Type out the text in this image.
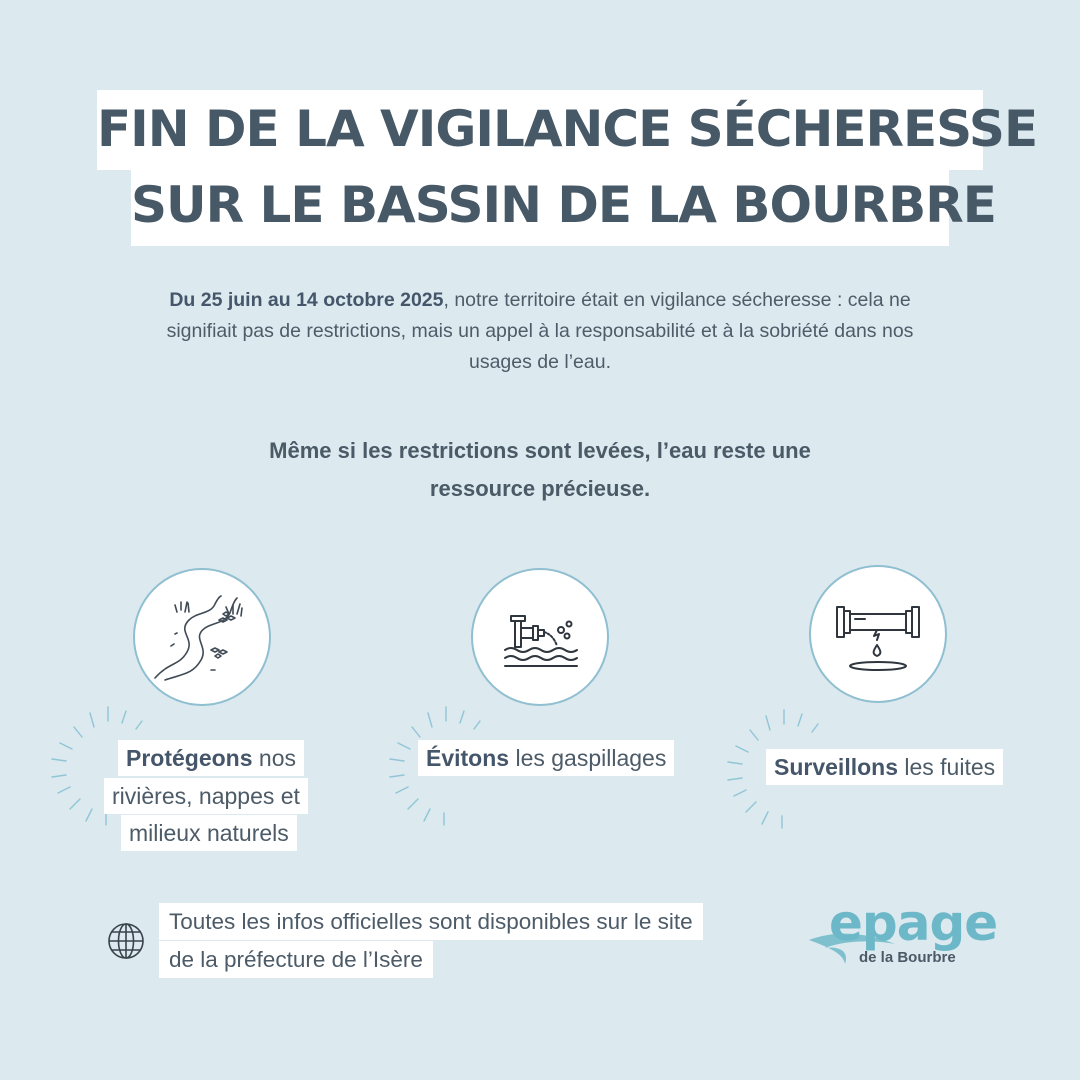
FIN DE LA VIGILANCE SÉCHERESSE
SUR LE BASSIN DE LA BOURBRE
Du 25 juin au 14 octobre 2025, notre territoire était en vigilance sécheresse : cela ne
signifiait pas de restrictions, mais un appel à la responsabilité et à la sobriété dans nos
usages de l’eau.
Même si les restrictions sont levées, l’eau reste une
ressource précieuse.
Protégeons nos
rivières, nappes et
milieux naturels
Évitons les gaspillages	Surveillons les fuites
Toutes les infos officielles sont disponibles sur le site
de la préfecture de l’Isère
epage
de la Bourbre
